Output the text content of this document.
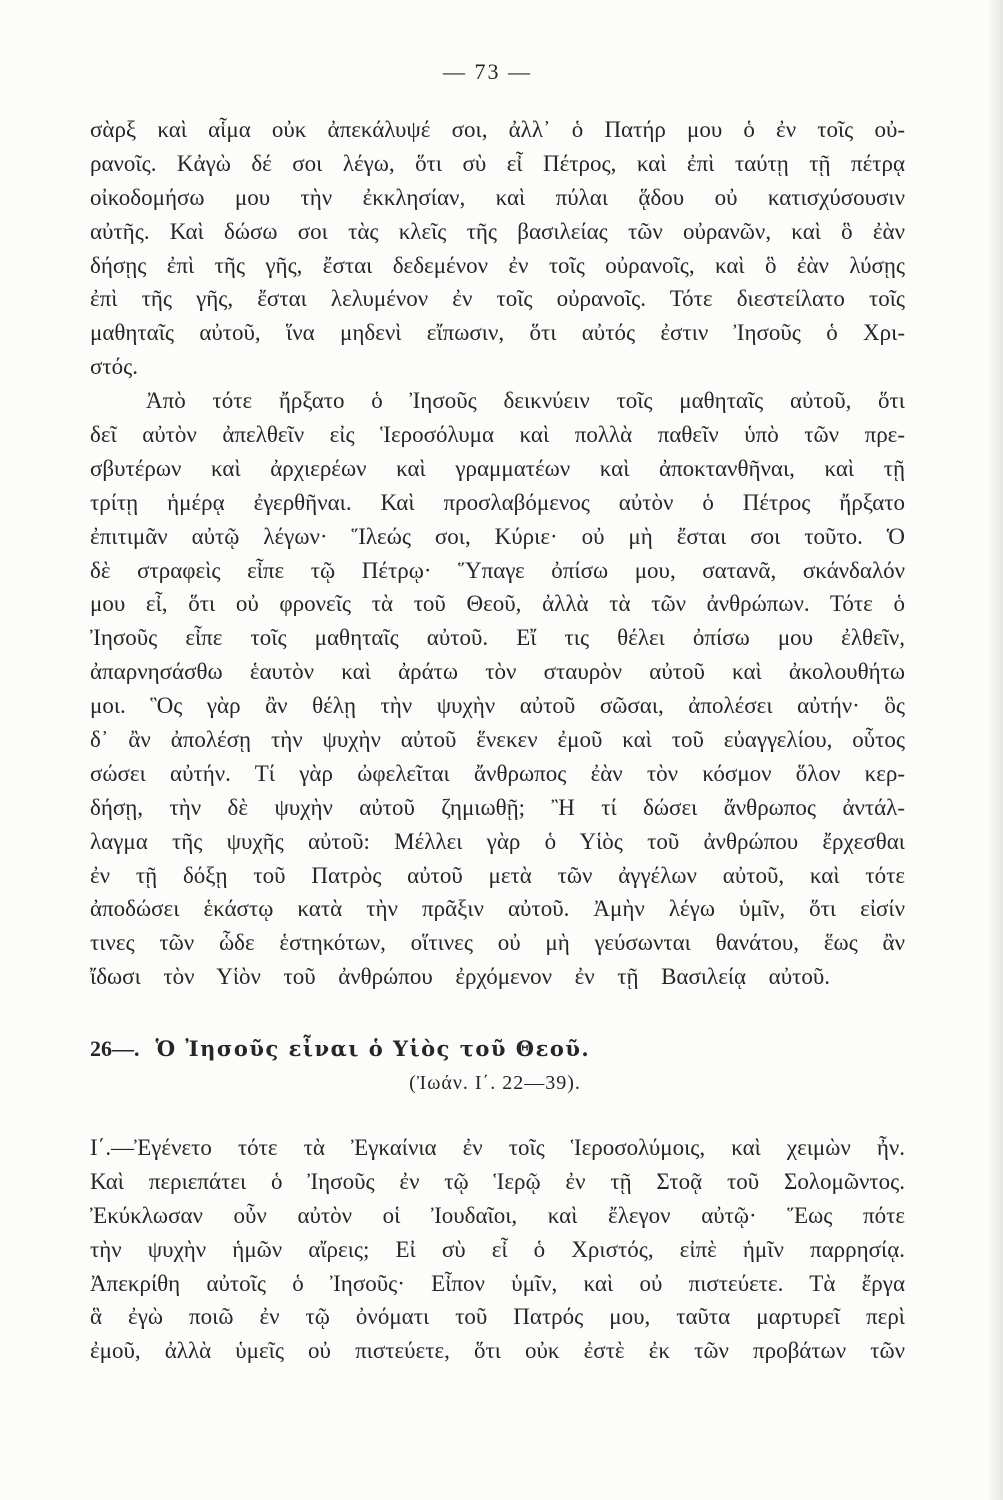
— 73 —
σὰρξ καὶ αἷμα οὐκ ἀπεκάλυψέ σοι, ἀλλ᾽ ὁ Πατήρ μου ὁ ἐν τοῖς οὐ-
ρανοῖς. Κἀγὼ δέ σοι λέγω, ὅτι σὺ εἶ Πέτρος, καὶ ἐπὶ ταύτῃ τῇ πέτρᾳ
οἰκοδομήσω μου τὴν ἐκκλησίαν, καὶ πύλαι ᾅδου οὐ κατισχύσουσιν
αὐτῆς. Καὶ δώσω σοι τὰς κλεῖς τῆς βασιλείας τῶν οὐρανῶν, καὶ ὃ ἐὰν
δήσῃς ἐπὶ τῆς γῆς, ἔσται δεδεμένον ἐν τοῖς οὐρανοῖς, καὶ ὃ ἐὰν λύσῃς
ἐπὶ τῆς γῆς, ἔσται λελυμένον ἐν τοῖς οὐρανοῖς. Τότε διεστείλατο τοῖς
μαθηταῖς αὐτοῦ, ἵνα μηδενὶ εἴπωσιν, ὅτι αὐτός ἐστιν Ἰησοῦς ὁ Χρι-
στός.
Ἀπὸ τότε ἤρξατο ὁ Ἰησοῦς δεικνύειν τοῖς μαθηταῖς αὐτοῦ, ὅτι
δεῖ αὐτὸν ἀπελθεῖν εἰς Ἱεροσόλυμα καὶ πολλὰ παθεῖν ὑπὸ τῶν πρε-
σβυτέρων καὶ ἀρχιερέων καὶ γραμματέων καὶ ἀποκτανθῆναι, καὶ τῇ
τρίτῃ ἡμέρᾳ ἐγερθῆναι. Καὶ προσλαβόμενος αὐτὸν ὁ Πέτρος ἤρξατο
ἐπιτιμᾶν αὐτῷ λέγων· Ἵλεώς σοι, Κύριε· οὐ μὴ ἔσται σοι τοῦτο. Ὁ
δὲ στραφεὶς εἶπε τῷ Πέτρῳ· Ὕπαγε ὀπίσω μου, σατανᾶ, σκάνδαλόν
μου εἶ, ὅτι οὐ φρονεῖς τὰ τοῦ Θεοῦ, ἀλλὰ τὰ τῶν ἀνθρώπων. Τότε ὁ
Ἰησοῦς εἶπε τοῖς μαθηταῖς αὐτοῦ. Εἴ τις θέλει ὀπίσω μου ἐλθεῖν,
ἀπαρνησάσθω ἑαυτὸν καὶ ἀράτω τὸν σταυρὸν αὐτοῦ καὶ ἀκολουθήτω
μοι. Ὃς γὰρ ἂν θέλῃ τὴν ψυχὴν αὐτοῦ σῶσαι, ἀπολέσει αὐτήν· ὃς
δ᾽ ἂν ἀπολέσῃ τὴν ψυχὴν αὐτοῦ ἕνεκεν ἐμοῦ καὶ τοῦ εὐαγγελίου, οὗτος
σώσει αὐτήν. Τί γὰρ ὠφελεῖται ἄνθρωπος ἐὰν τὸν κόσμον ὅλον κερ-
δήσῃ, τὴν δὲ ψυχὴν αὐτοῦ ζημιωθῇ; Ἢ τί δώσει ἄνθρωπος ἀντάλ-
λαγμα τῆς ψυχῆς αὐτοῦ: Μέλλει γὰρ ὁ Υἱὸς τοῦ ἀνθρώπου ἔρχεσθαι
ἐν τῇ δόξῃ τοῦ Πατρὸς αὐτοῦ μετὰ τῶν ἀγγέλων αὐτοῦ, καὶ τότε
ἀποδώσει ἑκάστῳ κατὰ τὴν πρᾶξιν αὐτοῦ. Ἀμὴν λέγω ὑμῖν, ὅτι εἰσίν
τινες τῶν ὧδε ἑστηκότων, οἵτινες οὐ μὴ γεύσωνται θανάτου, ἕως ἂν
ἴδωσι τὸν Υἱὸν τοῦ ἀνθρώπου ἐρχόμενον ἐν τῇ Βασιλείᾳ αὐτοῦ.
26—. Ὁ Ἰησοῦς εἶναι ὁ Υἱὸς τοῦ Θεοῦ.
(Ἰωάν. Ι΄. 22—39).
Ι΄.—Ἐγένετο τότε τὰ Ἐγκαίνια ἐν τοῖς Ἱεροσολύμοις, καὶ χειμὼν ἦν.
Καὶ περιεπάτει ὁ Ἰησοῦς ἐν τῷ Ἱερῷ ἐν τῇ Στοᾷ τοῦ Σολομῶντος.
Ἐκύκλωσαν οὖν αὐτὸν οἱ Ἰουδαῖοι, καὶ ἔλεγον αὐτῷ· Ἕως πότε
τὴν ψυχὴν ἡμῶν αἴρεις; Εἰ σὺ εἶ ὁ Χριστός, εἰπὲ ἡμῖν παρρησίᾳ.
Ἀπεκρίθη αὐτοῖς ὁ Ἰησοῦς· Εἶπον ὑμῖν, καὶ οὐ πιστεύετε. Τὰ ἔργα
ἃ ἐγὼ ποιῶ ἐν τῷ ὀνόματι τοῦ Πατρός μου, ταῦτα μαρτυρεῖ περὶ
ἐμοῦ, ἀλλὰ ὑμεῖς οὐ πιστεύετε, ὅτι οὐκ ἐστὲ ἐκ τῶν προβάτων τῶν
